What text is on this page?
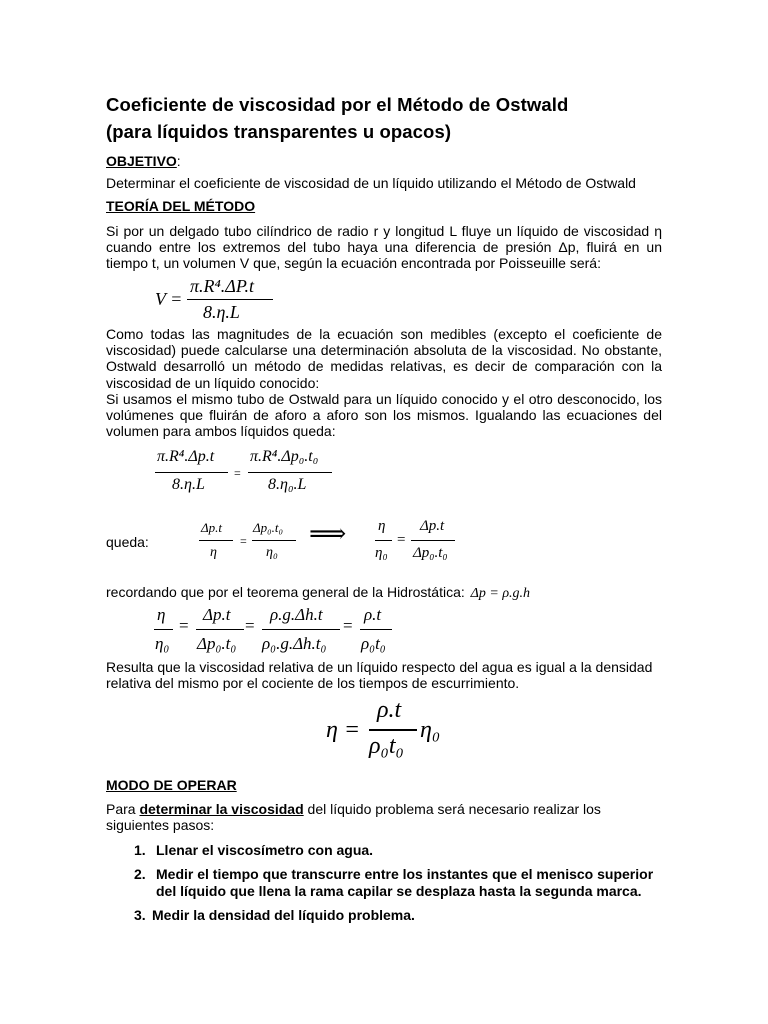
Coeficiente de viscosidad por el Método de Ostwald
(para líquidos transparentes u opacos)
OBJETIVO:
Determinar el coeficiente de viscosidad de un líquido utilizando el Método de Ostwald
TEORÍA DEL MÉTODO
Si por un delgado tubo cilíndrico de radio r y longitud L fluye un líquido de viscosidad η cuando entre los extremos del tubo haya una diferencia de presión Δp, fluirá en un tiempo t, un volumen V que, según la ecuación encontrada por Poisseuille será:
V =
π.R⁴.ΔP.t
8.η.L
Como todas las magnitudes de la ecuación son medibles (excepto el coeficiente de viscosidad) puede calcularse una determinación absoluta de la viscosidad. No obstante, Ostwald desarrolló un método de medidas relativas, es decir de comparación con la viscosidad de un líquido conocido:
Si usamos el mismo tubo de Ostwald para un líquido conocido y el otro desconocido, los volúmenes que fluirán de aforo a aforo son los mismos. Igualando las ecuaciones del volumen para ambos líquidos queda:
π.R⁴.Δp.t
8.η.L
=
π.R⁴.Δp₀.t₀
8.η₀.L
queda:
Δp.t
η
=
Δp₀.t₀
η₀
⟹ η
η₀
=
Δp.t
Δp₀.t₀
recordando que por el teorema general de la Hidrostática: Δp = ρ.g.h
η
η₀
=
Δp.t
Δp₀.t₀
=
ρ.g.Δh.t
ρ₀.g.Δh.t₀
=
ρ.t
ρ₀t₀
Resulta que la viscosidad relativa de un líquido respecto del agua es igual a la densidad relativa del mismo por el cociente de los tiempos de escurrimiento.
η =
ρ.t
ρ₀t₀
η₀
MODO DE OPERAR
Para determinar la viscosidad del líquido problema será necesario realizar los siguientes pasos:
1. Llenar el viscosímetro con agua.
2. Medir el tiempo que transcurre entre los instantes que el menisco superior del líquido que llena la rama capilar se desplaza hasta la segunda marca.
3. Medir la densidad del líquido problema.
